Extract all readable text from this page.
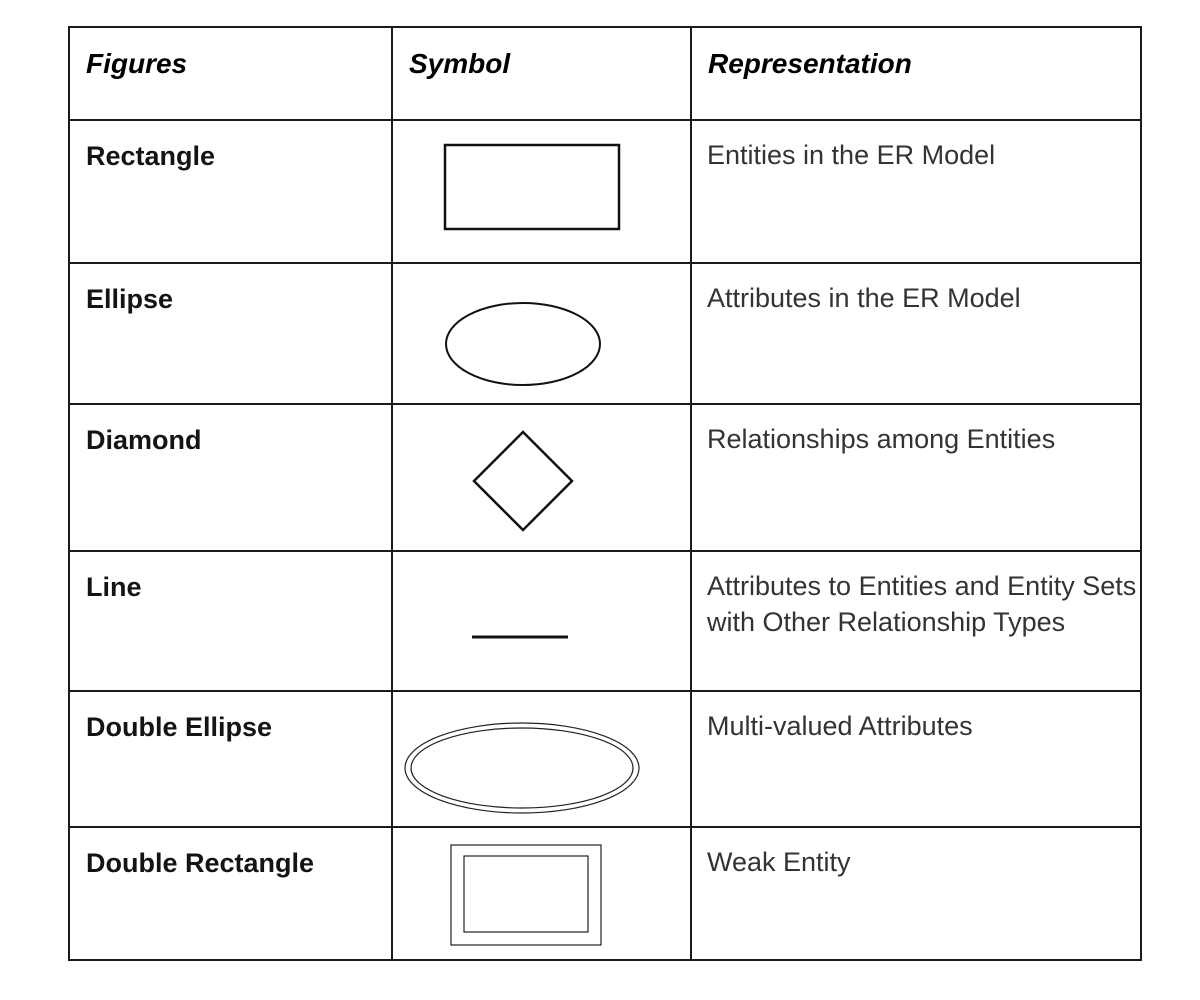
Figures	Symbol	Representation

Rectangle		Entities in the ER Model

Ellipse		Attributes in the ER Model

Diamond		Relationships among Entities

Line		Attributes to Entities and Entity Sets with Other Relationship Types

Double Ellipse		Multi-valued Attributes

Double Rectangle		Weak Entity
